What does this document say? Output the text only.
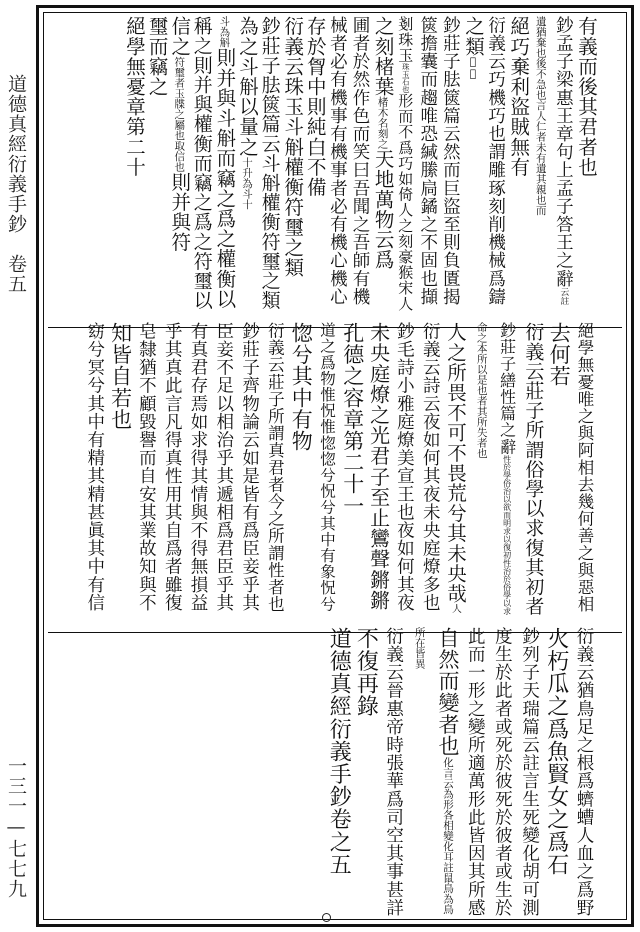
道德真經衍義手鈔　卷五
一三一—七七九
有義而後其君者也
鈔孟子梁惠王章句上孟子答王之辭云註
遺猶棄也後不急也言人仁者未有遺其親也而
絕巧棄利盜賊無有
衍義云巧機巧也謂雕琢刻削機械爲鑄
之類𠫤三
鈔莊子胠篋篇云然而巨盜至則負匱揭
篋擔囊而趨唯恐緘縢扃鐍之不固也擷
剗珠玉珠玉石也形而不爲巧如倚人之刻豪猴宋人
之刻楮葉楮木名刻之天地萬物云爲
圃者於然作色而笑曰吾聞之吾師有機
械者必有機事有機事者必有機心機心
存於胷中則純白不備
衍義云珠玉斗斛權衡符璽之類
鈔莊子胠篋篇云斗斛權衡符璽之類
為之斗斛以量之十升為斗十
斗為斛則并與斗斛而竊之爲之權衡以
稱之則并與權衡而竊之爲之符璽以
信之符璽者玉牒之屬也取信也則并與符
璽而竊之
絕學無憂章第二十
絕學無憂唯之與阿相去幾何善之與惡相
去何若
衍義云莊子所謂俗學以求復其初者
鈔莊子繕性篇之辭性於學俗治以欲而明求以復初性治於俗學以求
命之本所以是也者其所失者也
人之所畏不可不畏荒兮其未央哉人
衍義云詩云夜如何其夜未央庭燎多也
鈔毛詩小雅庭燎美宣王也夜如何其夜
未央庭燎之光君子至止鸞聲鏘鏘
孔德之容章第二十一
道之爲物惟怳惟惚惚兮怳兮其中有象怳兮
惚兮其中有物
衍義云莊子所謂真君者今之所謂性者也
鈔莊子齊物論云如是皆有爲臣妾乎其
臣妾不足以相治乎其遞相爲君臣乎其
有真君存焉如求得其情與不得無損益
乎其真此言凡得真性用其自爲者雖復
皂隸猶不顧毀譽而自安其業故知與不
知皆自若也
窈兮冥兮其中有精其精甚眞其中有信
衍義云猶鳥足之根爲蠐螬人血之爲野
火朽瓜之爲魚賢女之爲石
鈔列子天瑞篇云註言生死變化胡可測
度生於此者或死於彼死於彼者或生於
此而一形之變所適萬形此皆因其所感
自然而變者也化言云為形各相變化耳註鼠鳥為鳥
所在皆異
衍義云晉惠帝時張華爲司空其事甚詳
不復再錄
道德真經衍義手鈔卷之五
